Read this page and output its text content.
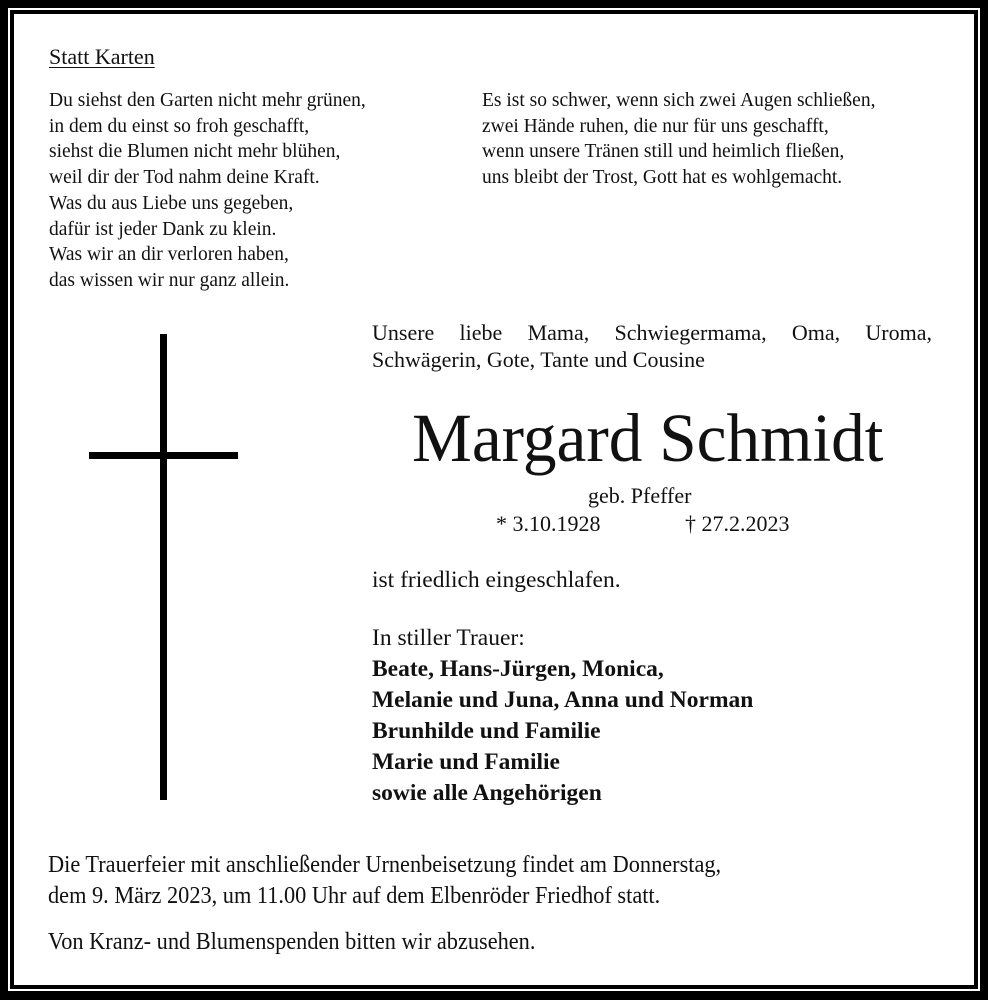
Statt Karten
Du siehst den Garten nicht mehr grünen,
in dem du einst so froh geschafft,
siehst die Blumen nicht mehr blühen,
weil dir der Tod nahm deine Kraft.
Was du aus Liebe uns gegeben,
dafür ist jeder Dank zu klein.
Was wir an dir verloren haben,
das wissen wir nur ganz allein.
Es ist so schwer, wenn sich zwei Augen schließen,
zwei Hände ruhen, die nur für uns geschafft,
wenn unsere Tränen still und heimlich fließen,
uns bleibt der Trost, Gott hat es wohlgemacht.
Unsere liebe Mama, Schwiegermama, Oma, Uroma,
Schwägerin, Gote, Tante und Cousine
Margard Schmidt
geb. Pfeffer
* 3.10.1928	† 27.2.2023
ist friedlich eingeschlafen.
In stiller Trauer:
Beate, Hans-Jürgen, Monica,
Melanie und Juna, Anna und Norman
Brunhilde und Familie
Marie und Familie
sowie alle Angehörigen
Die Trauerfeier mit anschließender Urnenbeisetzung findet am Donnerstag,
dem 9. März 2023, um 11.00 Uhr auf dem Elbenröder Friedhof statt.
Von Kranz- und Blumenspenden bitten wir abzusehen.
